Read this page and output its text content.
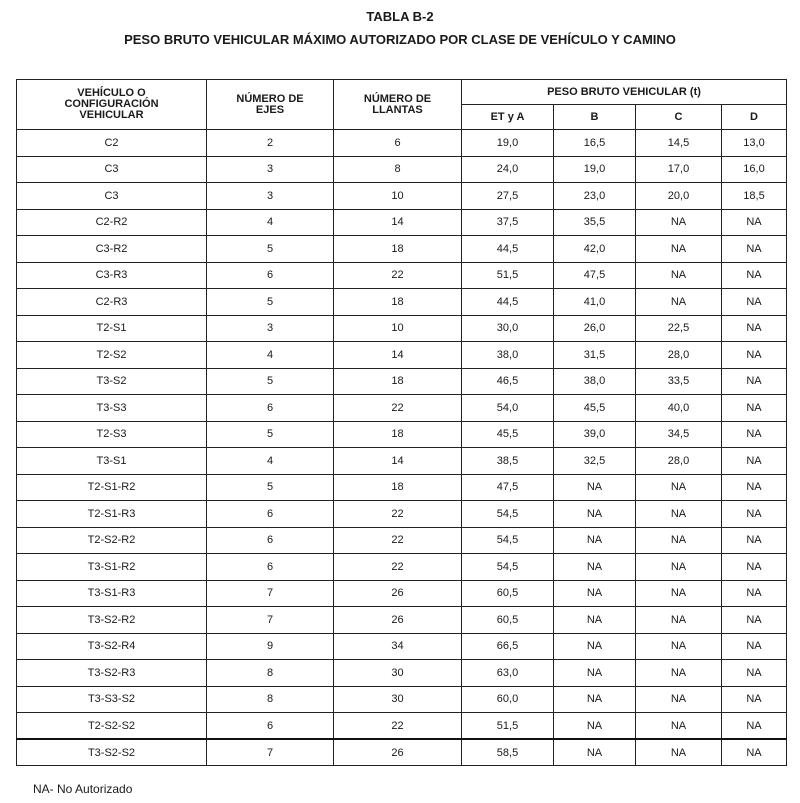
TABLA B-2
PESO BRUTO VEHICULAR MÁXIMO AUTORIZADO POR CLASE DE VEHÍCULO Y CAMINO
VEHÍCULO O CONFIGURACIÓN VEHICULAR	NÚMERO DE EJES	NÚMERO DE LLANTAS	PESO BRUTO VEHICULAR (t)			
			ET y A	B	C	D
C2	2	6	19,0	16,5	14,5	13,0
C3	3	8	24,0	19,0	17,0	16,0
C3	3	10	27,5	23,0	20,0	18,5
C2-R2	4	14	37,5	35,5	NA	NA
C3-R2	5	18	44,5	42,0	NA	NA
C3-R3	6	22	51,5	47,5	NA	NA
C2-R3	5	18	44,5	41,0	NA	NA
T2-S1	3	10	30,0	26,0	22,5	NA
T2-S2	4	14	38,0	31,5	28,0	NA
T3-S2	5	18	46,5	38,0	33,5	NA
T3-S3	6	22	54,0	45,5	40,0	NA
T2-S3	5	18	45,5	39,0	34,5	NA
T3-S1	4	14	38,5	32,5	28,0	NA
T2-S1-R2	5	18	47,5	NA	NA	NA
T2-S1-R3	6	22	54,5	NA	NA	NA
T2-S2-R2	6	22	54,5	NA	NA	NA
T3-S1-R2	6	22	54,5	NA	NA	NA
T3-S1-R3	7	26	60,5	NA	NA	NA
T3-S2-R2	7	26	60,5	NA	NA	NA
T3-S2-R4	9	34	66,5	NA	NA	NA
T3-S2-R3	8	30	63,0	NA	NA	NA
T3-S3-S2	8	30	60,0	NA	NA	NA
T2-S2-S2	6	22	51,5	NA	NA	NA
T3-S2-S2	7	26	58,5	NA	NA	NA
NA- No Autorizado
